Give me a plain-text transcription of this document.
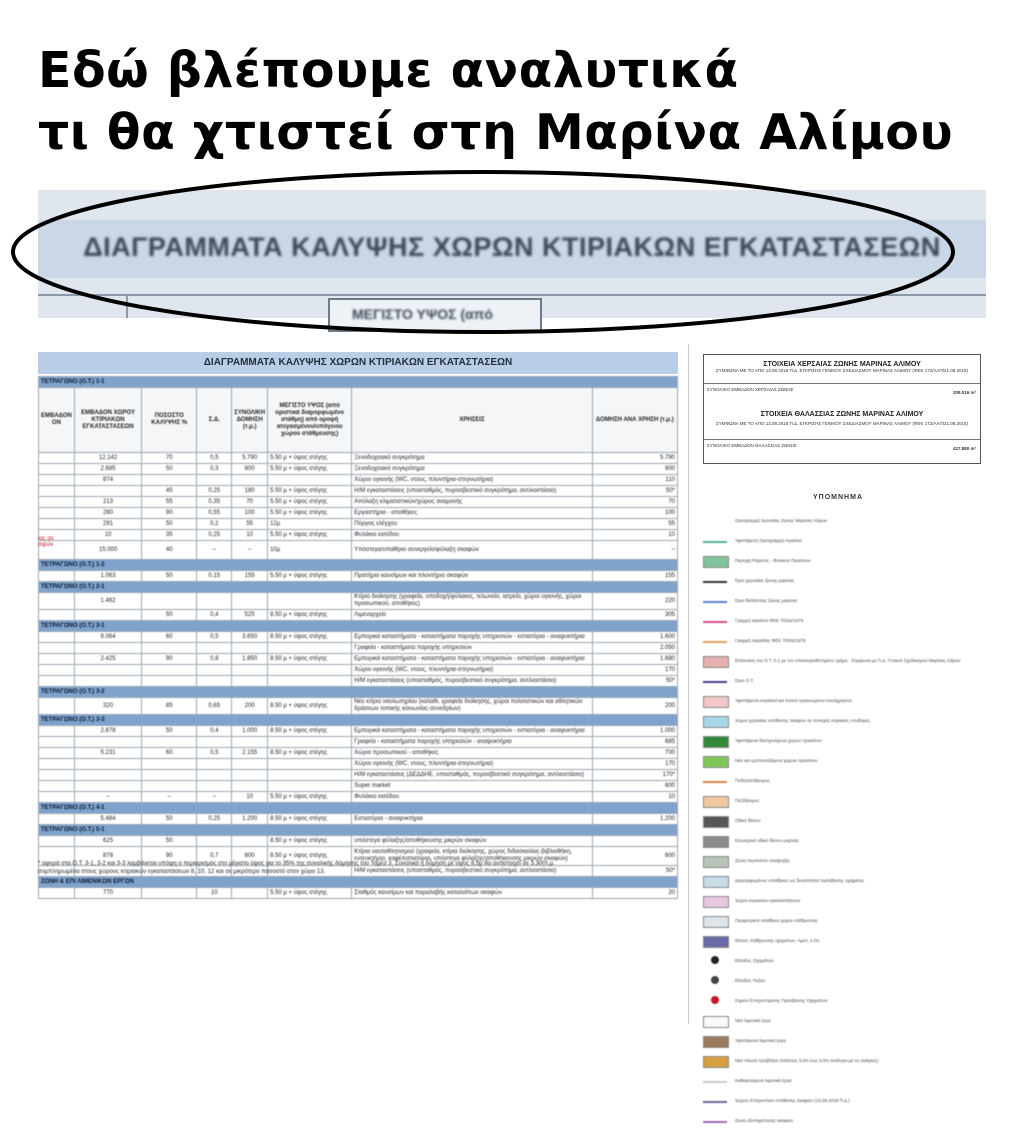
Εδώ βλέπουμε αναλυτικά
τι θα χτιστεί στη Μαρίνα Αλίμου
ΔΙΑΓΡΑΜΜΑΤΑ ΚΑΛΥΨΗΣ ΧΩΡΩΝ ΚΤΙΡΙΑΚΩΝ ΕΓΚΑΤΑΣΤΑΣΕΩΝ
ΜΕΓΙΣΤΟ ΥΨΟΣ (από
ΔΙΑΓΡΑΜΜΑΤΑ ΚΑΛΥΨΗΣ ΧΩΡΩΝ ΚΤΙΡΙΑΚΩΝ ΕΓΚΑΤΑΣΤΑΣΕΩΝ
ΤΕΤΡΑΓΩΝΟ (Ο.Τ.) 1-1							
ΕΜΒΑΔΟΝ ΟΝ	ΕΜΒΑΔΟΝ ΧΩΡΟΥ ΚΤΙΡΙΑΚΩΝ ΕΓΚΑΤΑΣΤΑΣΕΩΝ	ΠΟΣΟΣΤΟ ΚΑΛΥΨΗΣ %	Σ.Δ.	ΣΥΝΟΛΙΚΗ ΔΟΜΗΣΗ (τ.μ.)	ΜΕΓΙΣΤΟ ΥΨΟΣ (από οριστικά διαμορφωμένο στάθμη) από οροφή ατεγασμένου/υπόγειου χώρου στάθμευσης)	ΧΡΗΣΕΙΣ	ΔΟΜΗΣΗ ΑΝΑ ΧΡΗΣΗ (τ.μ.)
	12.142	70	0,5	5.790	5.50 μ + ύψος στέγης	Ξενοδοχειακό συγκρότημα	5.790
	2.685	50	0,3	800	5.50 μ + ύψος στέγης	Ξενοδοχειακό συγκρότημα	800
	874					Χώροι υγιεινής (WC, ντους, πλυντήρια-στεγνωτήρια)	110
		45	0,25	180	5.50 μ + ύψος στέγης	Η/Μ εγκαταστάσεις (υποσταθμός, πυροσβεστικό συγκρότημα, αντλιοστάσιο)	50*
	213	55	0,35	70	5.50 μ + ύψος στέγης	Απόλαξη κλιματιστικών/χώρος αναμονής	70
	280	90	0,55	100	5.50 μ + ύψος στέγης	Εργαστήρια - αποθήκες	100
	291	50	0,2	55	12μ	Πύργος ελέγχου	55
	10	35	0,25	10	5.50 μ + ύψος στέγης	Φυλάκιο εισόδου	10
	15.000	40	–	–	10μ	Υπόστεγα/υπαίθριο συνεργείο/φύλαξη σκαφών	–
ΤΕΤΡΑΓΩΝΟ (Ο.Τ.) 1-2							
	1.063	50	0,15	155	5.50 μ + ύψος στέγης	Πρατήριο καυσίμων και πλυντήριο σκαφών	155
ΤΕΤΡΑΓΩΝΟ (Ο.Τ.) 2-1							
	1.462					Κτίριο διοίκησης (γραφεία, υποδοχή/φύλακες, τελωνείο, ιατρείο, χώροι υγιεινής, χώροι προσωπικού, αποθήκες)	220
		50	0,4	525	8.50 μ + ύψος στέγης	Λιμεναρχείο	305
ΤΕΤΡΑΓΩΝΟ (Ο.Τ.) 3-1							
	9.064	60	0,5	3.650	8.50 μ + ύψος στέγης	Εμπορικά καταστήματα - καταστήματα παροχής υπηρεσιών - εστιατόρια - αναψυκτήρια	1.600
						Γραφεία - καταστήματα παροχής υπηρεσιών	2.050
	2.425	90	0,8	1.850	8.50 μ + ύψος στέγης	Εμπορικά καταστήματα - καταστήματα παροχής υπηρεσιών - εστιατόρια - αναψυκτήρια	1.680
						Χώροι υγιεινής (WC, ντους, πλυντήρια-στεγνωτήρια)	170
						Η/Μ εγκαταστάσεις (υποσταθμός, πυροσβεστικό συγκρότημα, αντλιοστάσιο)	50*
ΤΕΤΡΑΓΩΝΟ (Ο.Τ.) 3-2							
	320	85	0,65	200	8.50 μ + ύψος στέγης	Νέο κτίριο ναυλωτηρίου (καλαθι, γραφεία διοίκησης, χώροι πολιτιστικών και αθλητικών δράσεων τοπικής κοινωνίας-συνεδρίων)	200
ΤΕΤΡΑΓΩΝΟ (Ο.Τ.) 3-3							
	2.878	50	0,4	1.000	8.50 μ + ύψος στέγης	Εμπορικά καταστήματα - καταστήματα παροχής υπηρεσιών - εστιατόρια - αναψυκτήρια	1.000
						Γραφεία - καταστήματα παροχής υπηρεσιών - αναψυκτήρια	685
	5.231	60	0,5	2.155	8.50 μ + ύψος στέγης	Χώροι προσωπικού - αποθήκες	700
						Χώροι υγιεινής (WC, ντους, πλυντήρια-στεγνωτήρια)	170
						Η/Μ εγκαταστάσεις (ΔΕΔΔΗΕ, υποσταθμός, πυροσβεστικό συγκρότημα, αντλιοστάσιο)	170*
						Super market	600
	–	–	–	10	5.50 μ + ύψος στέγης	Φυλάκιο εισόδου	10
ΤΕΤΡΑΓΩΝΟ (Ο.Τ.) 4-1							
	5.484	50	0,25	1.200	8.50 μ + ύψος στέγης	Εστιατόρια - αναψυκτήρια	1.200
ΤΕΤΡΑΓΩΝΟ (Ο.Τ.) 5-1							
	625	50			8.50 μ + ύψος στέγης	υπόστεγα φύλαξης/αποθήκευσης μικρών σκαφών	
	878	90	0,7	600	8.50 μ + ύψος στέγης	Κτίρια ναυταθλητισμού (γραφεία, κτίρια διοίκησης, χώρος διδασκαλίας-βιβλιοθήκη, εντευκτήριο, καφέ/εστιατόριο, υπόστεγα φύλαξης/αποθήκευσης μικρών σκαφών)	600
						Η/Μ εγκαταστάσεις (υποσταθμός, πυροσβεστικό συγκρότημα, αντλιοστάσιο)	50*
ΖΩΝΗ & ΕΠΙ ΛΙΜΕΝΙΚΩΝ ΕΡΓΩΝ							
	770		10		5.50 μ + ύψος στέγης	Σταθμός καυσίμων και παραλαβής καταλοίπων σκαφών	20
* αφορά στα Ο.Τ. 3-1, 3-2 και 3-3 λαμβάνεται υπόψη ο περιορισμός στο μέγιστο ύψος για το 35% της συνολικής δόμησης του Τομέα 3. Συνολικά η δόμηση με ύψος 8,5μ θα αντιστοιχεί σε 3.300τ.μ.
συμπληρωμένα στους χώρους κτιριακών εγκαταστάσεων 8, 10, 12 και σε μικρότερο ποσοστό στον χώρο 13.
ίας σε σφών
ΣΤΟΙΧΕΙΑ ΧΕΡΣΑΙΑΣ ΖΩΝΗΣ ΜΑΡΙΝΑΣ ΑΛΙΜΟΥ
ΣΥΜΦΩΝΑ ΜΕ ΤΟ ΑΠΟ 13.08.2018 Π.Δ. ΕΓΚΡΙΣΗΣ ΓΕΝΙΚΟΥ ΣΧΕΔΙΑΣΜΟΥ ΜΑΡΙΝΑΣ ΑΛΙΜΟΥ (ΦΕΚ 172/ΑΑΠ/21.08.2018)
ΣΥΝΟΛΙΚΟ ΕΜΒΑΔΟΝ ΧΕΡΣΑΙΑΣ ΖΩΝΗΣ
209.016 m²
ΣΤΟΙΧΕΙΑ ΘΑΛΑΣΣΙΑΣ ΖΩΝΗΣ ΜΑΡΙΝΑΣ ΑΛΙΜΟΥ
ΣΥΜΦΩΝΑ ΜΕ ΤΟ ΑΠΟ 13.08.2018 Π.Δ. ΕΓΚΡΙΣΗΣ ΓΕΝΙΚΟΥ ΣΧΕΔΙΑΣΜΟΥ ΜΑΡΙΝΑΣ ΑΛΙΜΟΥ (ΦΕΚ 172/ΑΑΠ/21.08.2018)
ΣΥΝΟΛΙΚΟ ΕΜΒΑΔΟΝ ΘΑΛΑΣΣΙΑΣ ΖΩΝΗΣ
427.880 m²
ΥΠΟΜΝΗΜΑ
Οριογραμμή Χερσαίας Ζώνης Μαρίνας Αλίμου
Υφιστάμενη Οριογραμμή Αιγιαλού
Περιοχή Ρέματος - Φυσικού Πρασίνου
Όριο χερσαίας ζώνης μαρίνας
Όριο θαλάσσιας ζώνης μαρίνας
Γραμμή αιγιαλού ΦΕΚ 703/Δ/1979
Γραμμή παραλίας ΦΕΚ 703/Δ/1979
Επέκταση του Ο.Τ. 5-1 με τον επαναοριοθετημένο τμήμα - Σύμφωνα με Π.Δ. Γενικού Σχεδιασμού Μαρίνας Αλίμου
Όριο Ο.Τ.
Υφιστάμενοι κτιριακοί και λοιποί οργανωμένοι κοινόχρηστοι
Χώροι χερσαίας απόθεσης σκαφών σε συνεχείς κτιριακές υποδομές
Υφιστάμενα διατηρούμενα χώρου πρασίνου
Νέα και εμπλουτιζόμενα χώρου πρασίνου
Ποδηλατόδρομος
Πεζόδρομος
Οδικό δίκτυο
Εσωτερικό οδικό δίκτυο μαρίνας
Ζώνη περιπάτου αναψυχής
Διαμορφωμένος υπαίθριος ως δυνατότητα πρόσβασης οχήματος
Χώροι κτιριακών εγκαταστάσεων
Περιμετρικοί υπαίθριοι χώροι στάθμευσης
Θέσεις στάθμευσης οχημάτων, ΑμεΑ, κ.λπ.
Είσοδος Οχημάτων
Είσοδος Πεζών
Σημείο Επιτρεπόμενης Πρόσβασης Οχημάτων
Νέα λιμενικά έργα
Υφιστάμενα λιμενικά έργα
Νέα πλωτή προβλήτα (πλάτους 3,0m έως 5,0m ανάλογα με τις ανάγκες)
Καθαιρούμενα λιμενικά έργα
Χώρος Επιτρεπτών Απόθεσης Σκαφών (13.08.2018 Π.Δ.)
Ζώνη εξυπηρέτησης σκαφών
